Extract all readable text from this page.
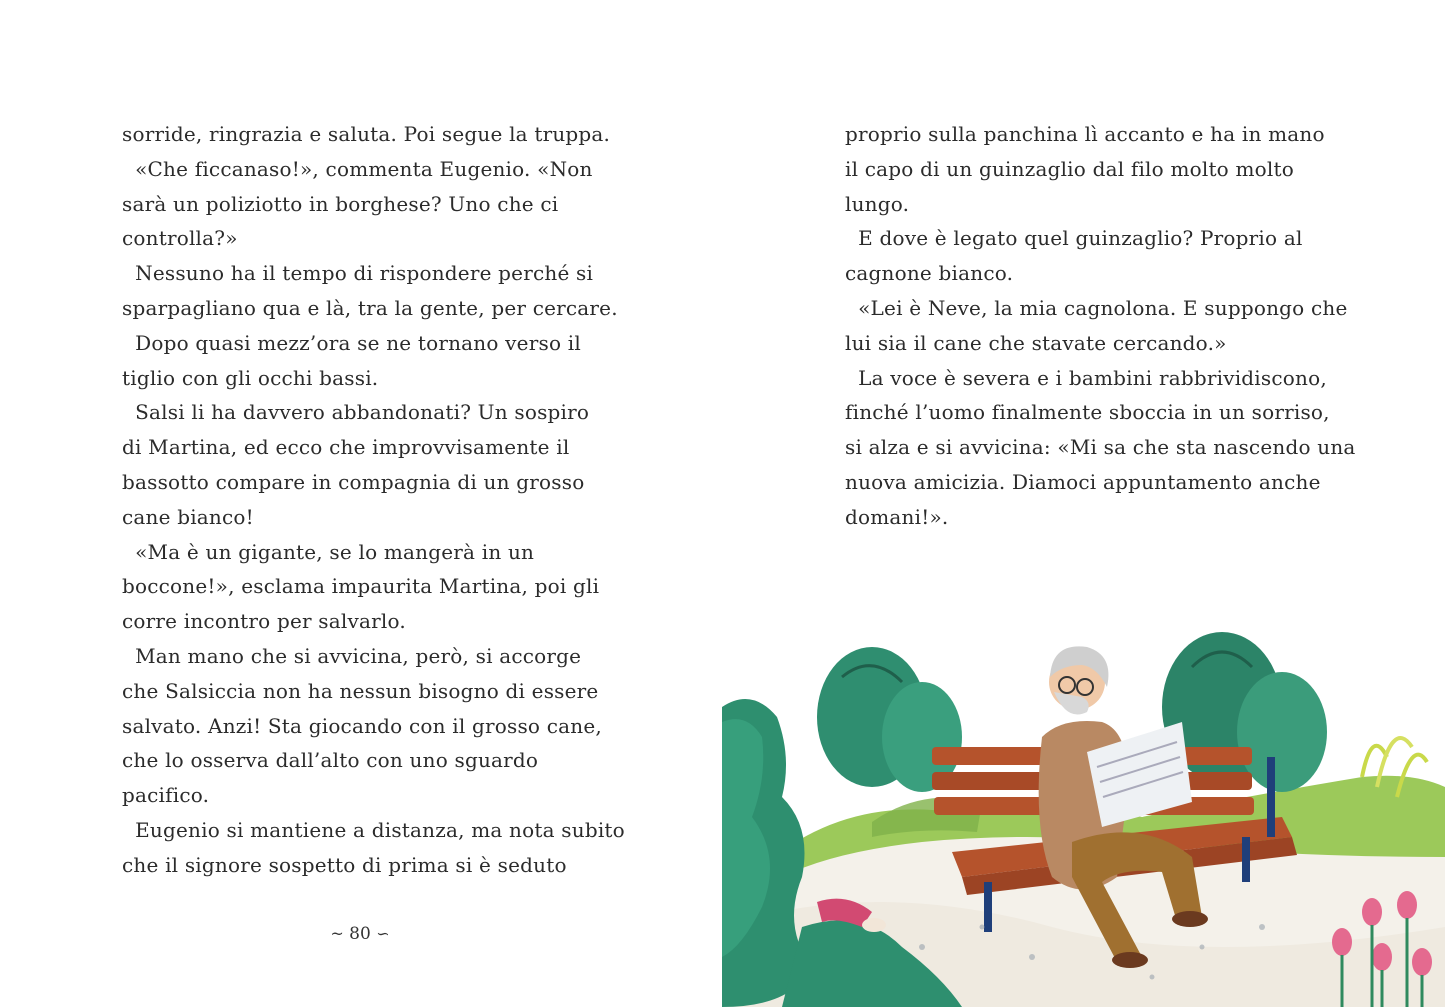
sorride, ringrazia e saluta. Poi segue la truppa.
«Che ficcanaso!», commenta Eugenio. «Non
sarà un poliziotto in borghese? Uno che ci
controlla?»
Nessuno ha il tempo di rispondere perché si
sparpagliano qua e là, tra la gente, per cercare.
Dopo quasi mezz’ora se ne tornano verso il
tiglio con gli occhi bassi.
Salsi li ha davvero abbandonati? Un sospiro
di Martina, ed ecco che improvvisamente il
bassotto compare in compagnia di un grosso
cane bianco!
«Ma è un gigante, se lo mangerà in un
boccone!», esclama impaurita Martina, poi gli
corre incontro per salvarlo.
Man mano che si avvicina, però, si accorge
che Salsiccia non ha nessun bisogno di essere
salvato. Anzi! Sta giocando con il grosso cane,
che lo osserva dall’alto con uno sguardo
pacifico.
Eugenio si mantiene a distanza, ma nota subito
che il signore sospetto di prima si è seduto
~ 80 ∽
proprio sulla panchina lì accanto e ha in mano
il capo di un guinzaglio dal filo molto molto
lungo.
E dove è legato quel guinzaglio? Proprio al
cagnone bianco.
«Lei è Neve, la mia cagnolona. E suppongo che
lui sia il cane che stavate cercando.»
La voce è severa e i bambini rabbrividiscono,
finché l’uomo finalmente sboccia in un sorriso,
si alza e si avvicina: «Mi sa che sta nascendo una
nuova amicizia. Diamoci appuntamento anche
domani!».
